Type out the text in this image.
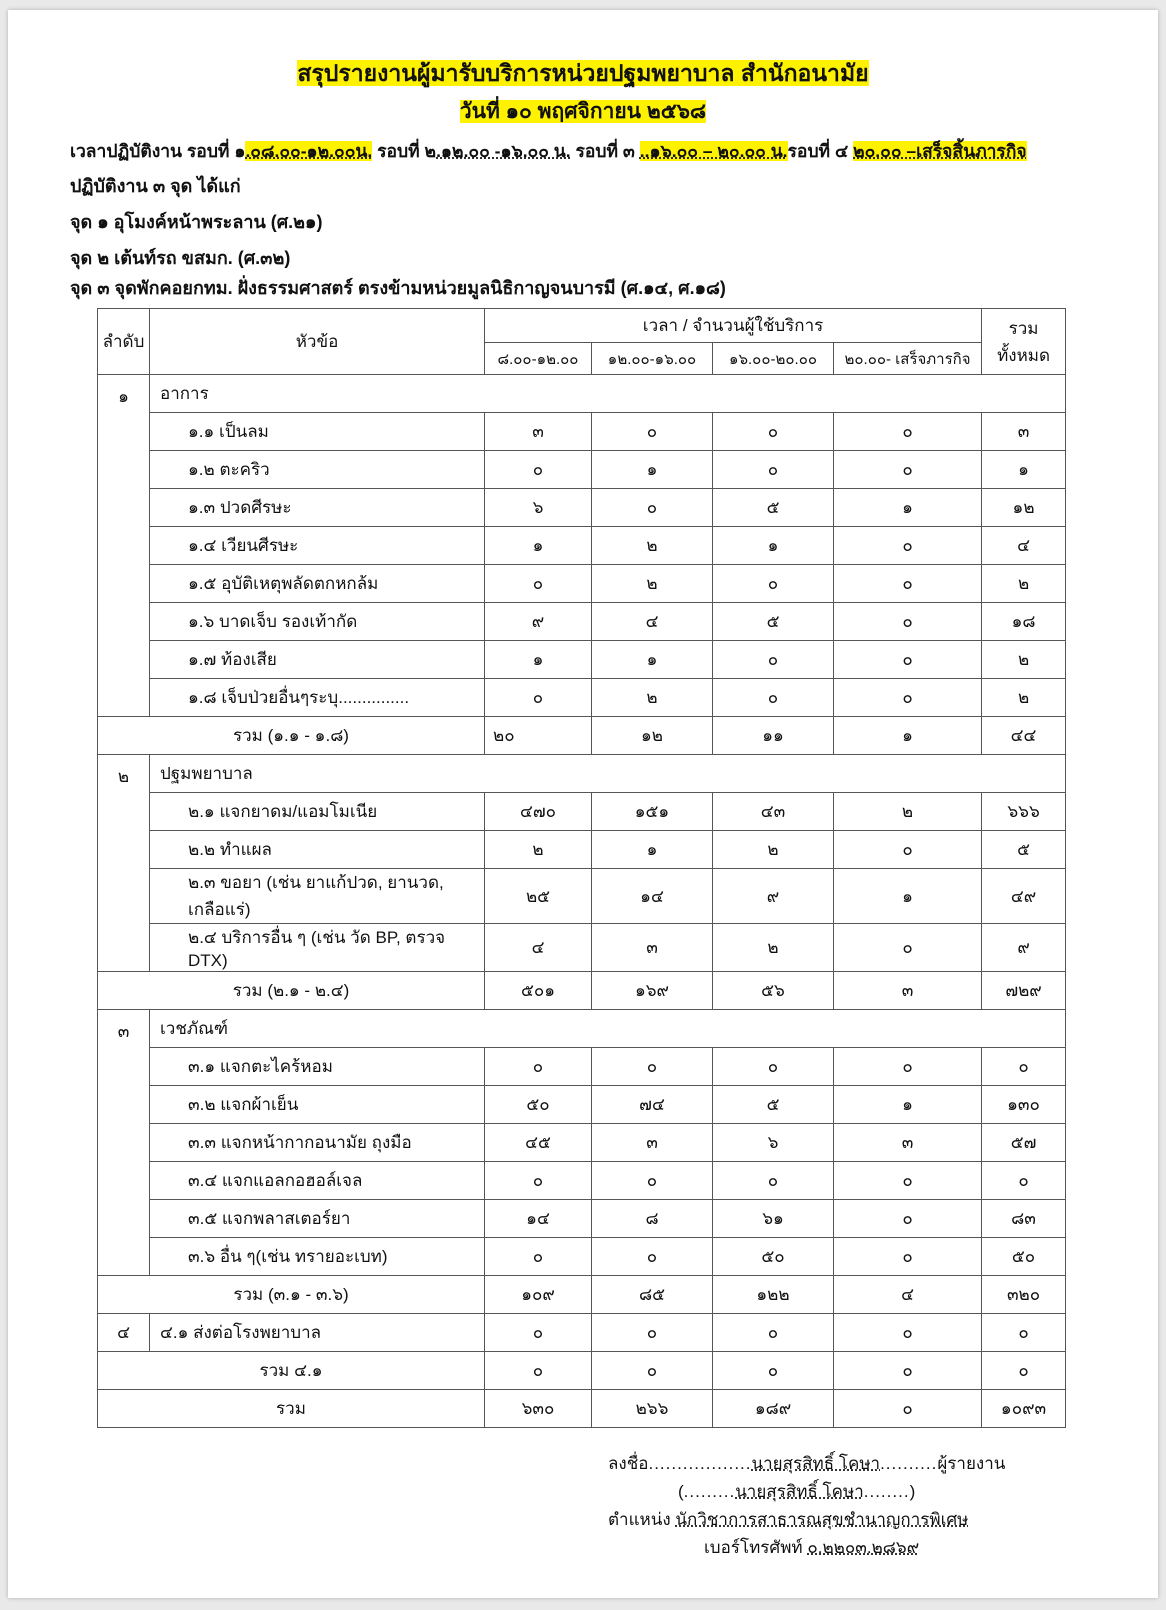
สรุปรายงานผู้มารับบริการหน่วยปฐมพยาบาล สำนักอนามัย
วันที่ ๑๐ พฤศจิกายน ๒๕๖๘
เวลาปฏิบัติงาน รอบที่ ๑.๐๘.๐๐-๑๒.๐๐น. รอบที่ ๒.๑๒.๐๐ -๑๖.๐๐ น. รอบที่ ๓ ..๑๖.๐๐ – ๒๐.๐๐ น.รอบที่ ๔ ๒๐.๐๐ –เสร็จสิ้นภารกิจ
ปฏิบัติงาน ๓ จุด ได้แก่
จุด ๑ อุโมงค์หน้าพระลาน (ศ.๒๑)
จุด ๒ เต้นท์รถ ขสมก. (ศ.๓๒)
จุด ๓ จุดพักคอยกทม. ฝั่งธรรมศาสตร์ ตรงข้ามหน่วยมูลนิธิกาญจนบารมี (ศ.๑๔, ศ.๑๘)
ลำดับ	หัวข้อ	เวลา / จำนวนผู้ใช้บริการ				รวม
ทั้งหมด
		๘.๐๐-๑๒.๐๐	๑๒.๐๐-๑๖.๐๐	๑๖.๐๐-๒๐.๐๐	๒๐.๐๐- เสร็จภารกิจ	
๑	อาการ					
	๑.๑ เป็นลม	๓	๐	๐	๐	๓
	๑.๒ ตะคริว	๐	๑	๐	๐	๑
	๑.๓ ปวดศีรษะ	๖	๐	๕	๑	๑๒
	๑.๔ เวียนศีรษะ	๑	๒	๑	๐	๔
	๑.๕ อุบัติเหตุพลัดตกหกล้ม	๐	๒	๐	๐	๒
	๑.๖ บาดเจ็บ รองเท้ากัด	๙	๔	๕	๐	๑๘
	๑.๗ ท้องเสีย	๑	๑	๐	๐	๒
	๑.๘ เจ็บป่วยอื่นๆระบุ...............	๐	๒	๐	๐	๒
รวม (๑.๑ - ๑.๘)		๒๐	๑๒	๑๑	๑	๔๔
๒	ปฐมพยาบาล					
	๒.๑ แจกยาดม/แอมโมเนีย	๔๗๐	๑๕๑	๔๓	๒	๖๖๖
	๒.๒ ทำแผล	๒	๑	๒	๐	๕
	๒.๓ ขอยา (เช่น ยาแก้ปวด, ยานวด, เกลือแร่)	๒๕	๑๔	๙	๑	๔๙
	๒.๔ บริการอื่น ๆ (เช่น วัด BP, ตรวจ DTX)	๔	๓	๒	๐	๙
รวม (๒.๑ - ๒.๔)		๕๐๑	๑๖๙	๕๖	๓	๗๒๙
๓	เวชภัณฑ์					
	๓.๑ แจกตะไคร้หอม	๐	๐	๐	๐	๐
	๓.๒ แจกผ้าเย็น	๕๐	๗๔	๕	๑	๑๓๐
	๓.๓ แจกหน้ากากอนามัย ถุงมือ	๔๕	๓	๖	๓	๕๗
	๓.๔ แจกแอลกอฮอล์เจล	๐	๐	๐	๐	๐
	๓.๕ แจกพลาสเตอร์ยา	๑๔	๘	๖๑	๐	๘๓
	๓.๖ อื่น ๆ(เช่น ทรายอะเบท)	๐	๐	๕๐	๐	๕๐
รวม (๓.๑ - ๓.๖)		๑๐๙	๘๕	๑๒๒	๔	๓๒๐
๔	๔.๑ ส่งต่อโรงพยาบาล	๐	๐	๐	๐	๐
รวม ๔.๑		๐	๐	๐	๐	๐
รวม		๖๓๐	๒๖๖	๑๘๙	๐	๑๐๙๓
ลงชื่อ..................นายสุรสิทธิ์ โคษา..........ผู้รายงาน
(.........นายสุรสิทธิ์ โคษา........)
ตำแหน่ง นักวิชาการสาธารณสุขชำนาญการพิเศษ
เบอร์โทรศัพท์ ๐.๒๒๐๓.๒๘๖๙
